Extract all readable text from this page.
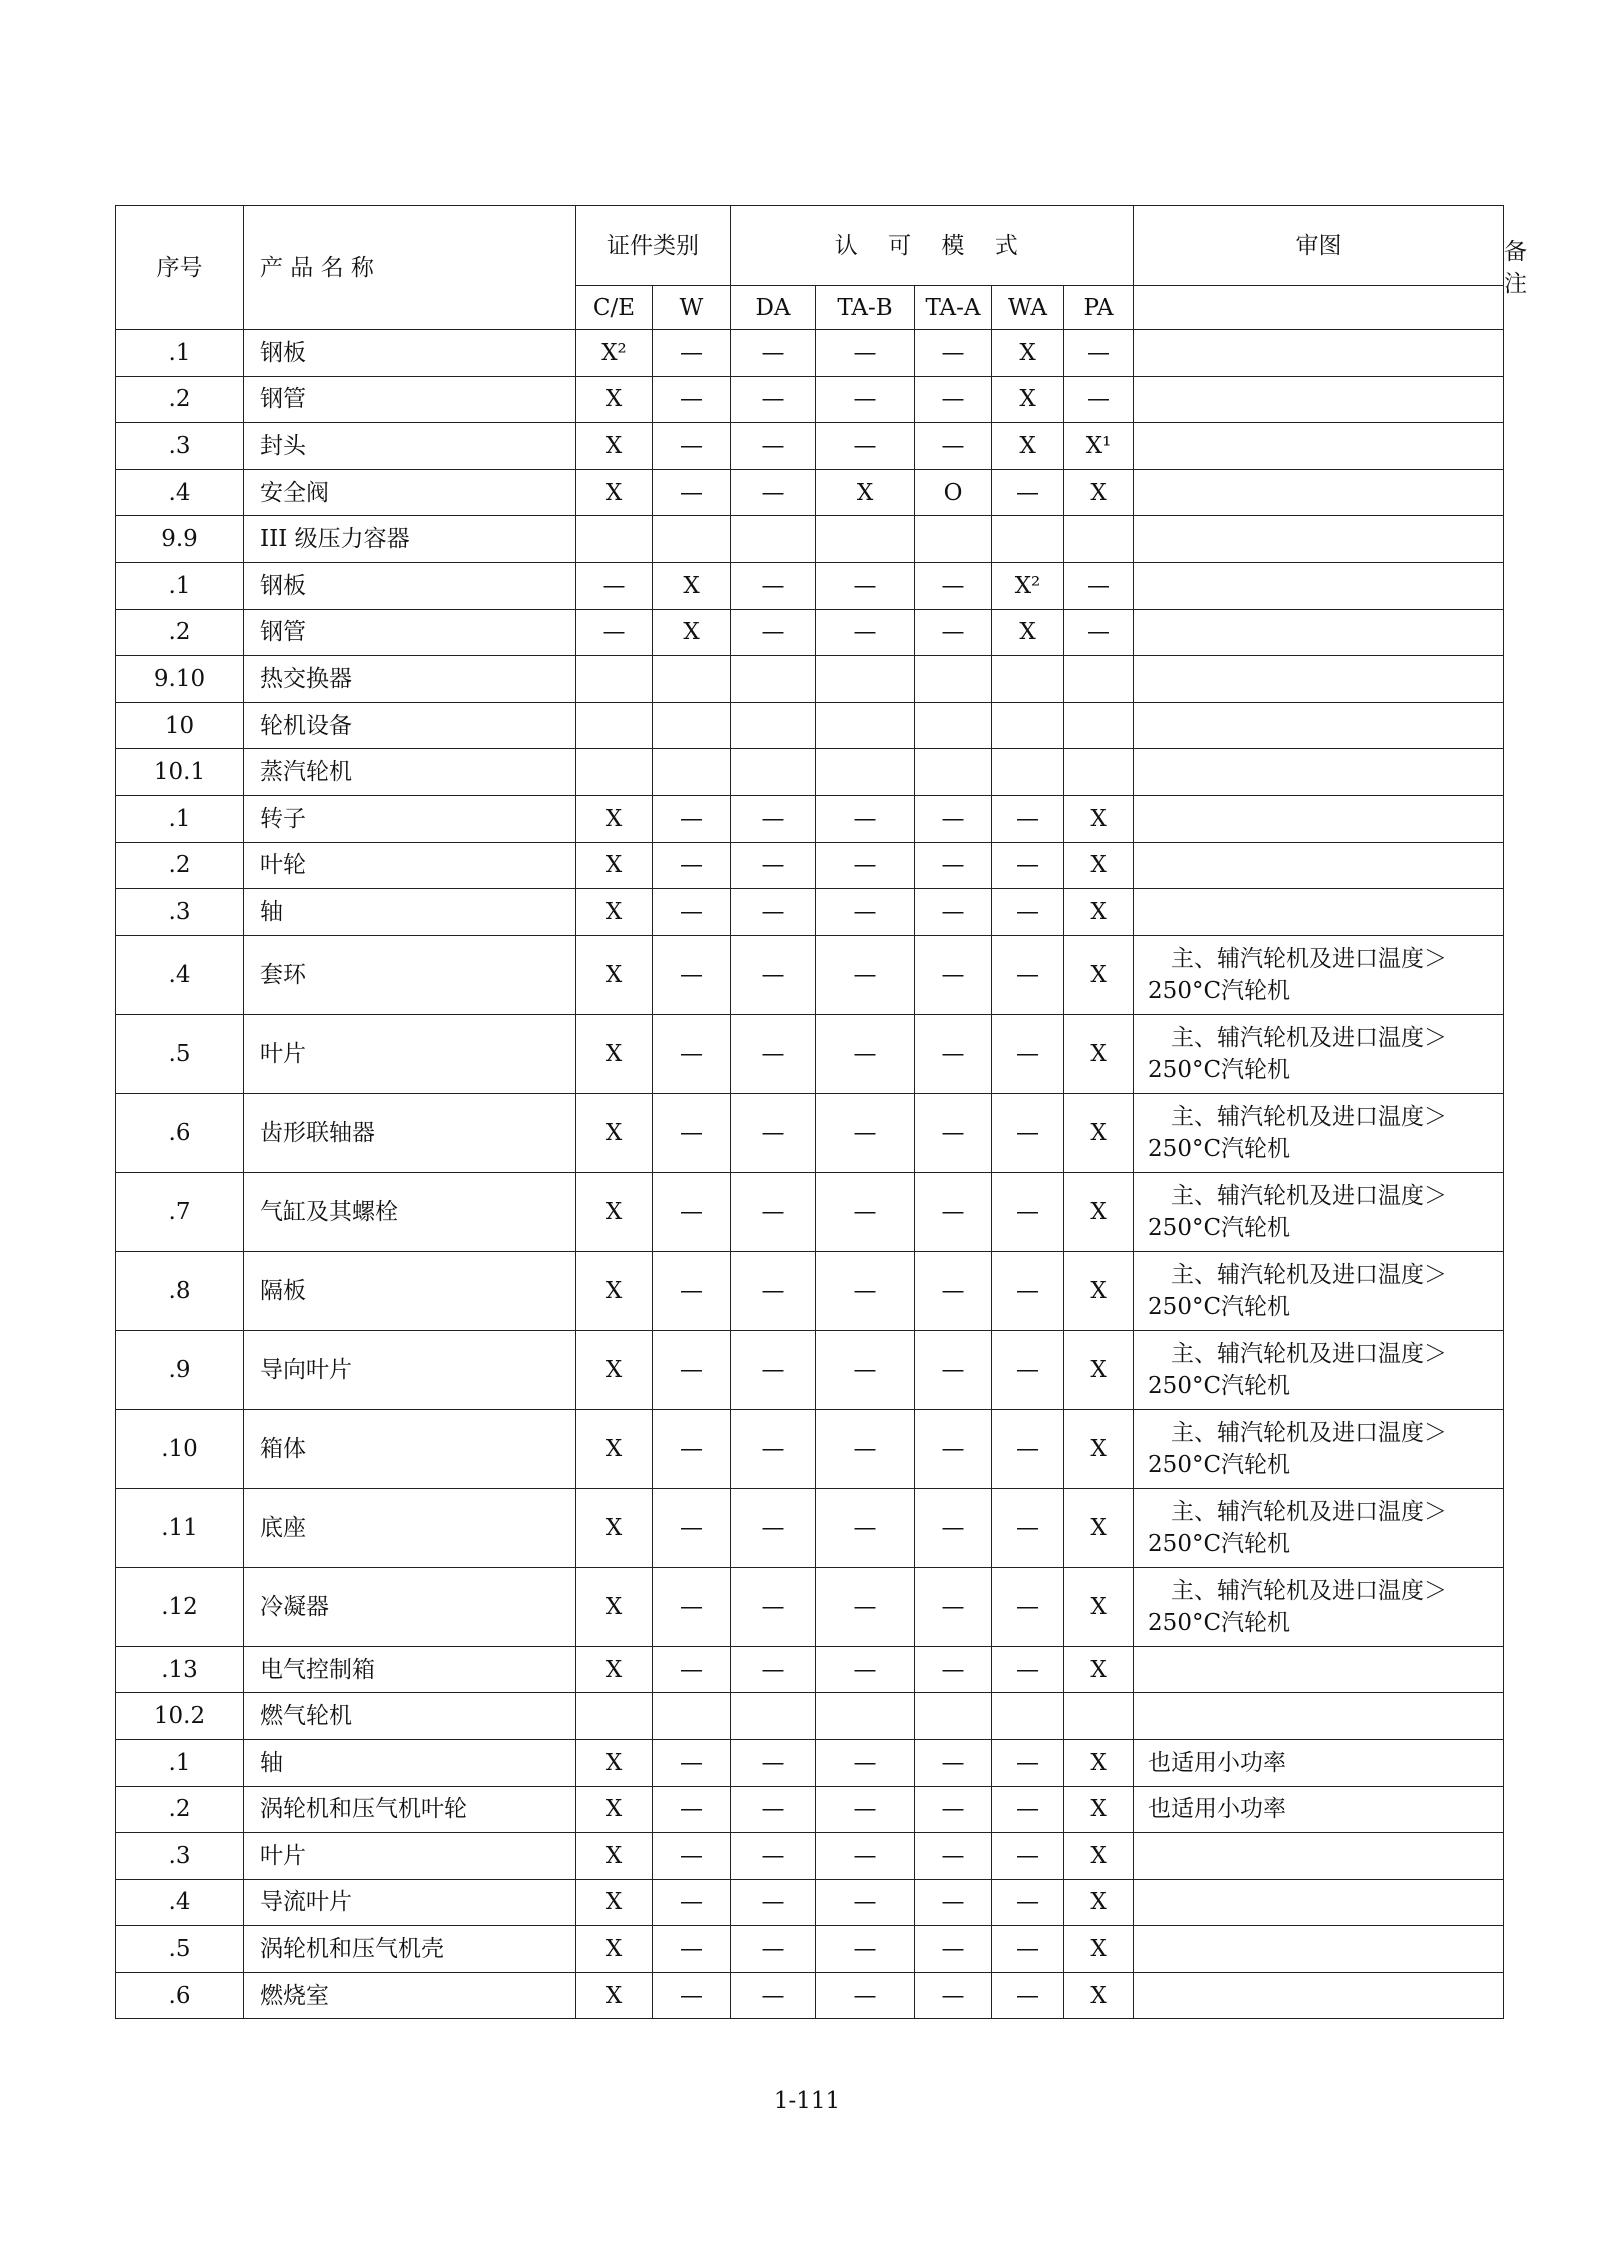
序号	产 品 名 称	证件类别		认 可 模 式					审图	备　　注
		C/E	W	DA	TA-B	TA-A	WA	PA		
.1	钢板	X²	—	—	—	—	X	—		
.2	钢管	X	—	—	—	—	X	—		
.3	封头	X	—	—	—	—	X	X¹		
.4	安全阀	X	—	—	X	O	—	X		
9.9	III 级压力容器									
.1	钢板	—	X	—	—	—	X²	—		
.2	钢管	—	X	—	—	—	X	—		
9.10	热交换器									
10	轮机设备									
10.1	蒸汽轮机									
.1	转子	X	—	—	—	—	—	X		
.2	叶轮	X	—	—	—	—	—	X		
.3	轴	X	—	—	—	—	—	X		
.4	套环	X	—	—	—	—	—	X	主、辅汽轮机及进口温度＞250°C汽轮机	
.5	叶片	X	—	—	—	—	—	X	主、辅汽轮机及进口温度＞250°C汽轮机	
.6	齿形联轴器	X	—	—	—	—	—	X	主、辅汽轮机及进口温度＞250°C汽轮机	
.7	气缸及其螺栓	X	—	—	—	—	—	X	主、辅汽轮机及进口温度＞250°C汽轮机	
.8	隔板	X	—	—	—	—	—	X	主、辅汽轮机及进口温度＞250°C汽轮机	
.9	导向叶片	X	—	—	—	—	—	X	主、辅汽轮机及进口温度＞250°C汽轮机	
.10	箱体	X	—	—	—	—	—	X	主、辅汽轮机及进口温度＞250°C汽轮机	
.11	底座	X	—	—	—	—	—	X	主、辅汽轮机及进口温度＞250°C汽轮机	
.12	冷凝器	X	—	—	—	—	—	X	主、辅汽轮机及进口温度＞250°C汽轮机	
.13	电气控制箱	X	—	—	—	—	—	X		
10.2	燃气轮机									
.1	轴	X	—	—	—	—	—	X	也适用小功率	
.2	涡轮机和压气机叶轮	X	—	—	—	—	—	X	也适用小功率	
.3	叶片	X	—	—	—	—	—	X		
.4	导流叶片	X	—	—	—	—	—	X		
.5	涡轮机和压气机壳	X	—	—	—	—	—	X		
.6	燃烧室	X	—	—	—	—	—	X		
1-111
